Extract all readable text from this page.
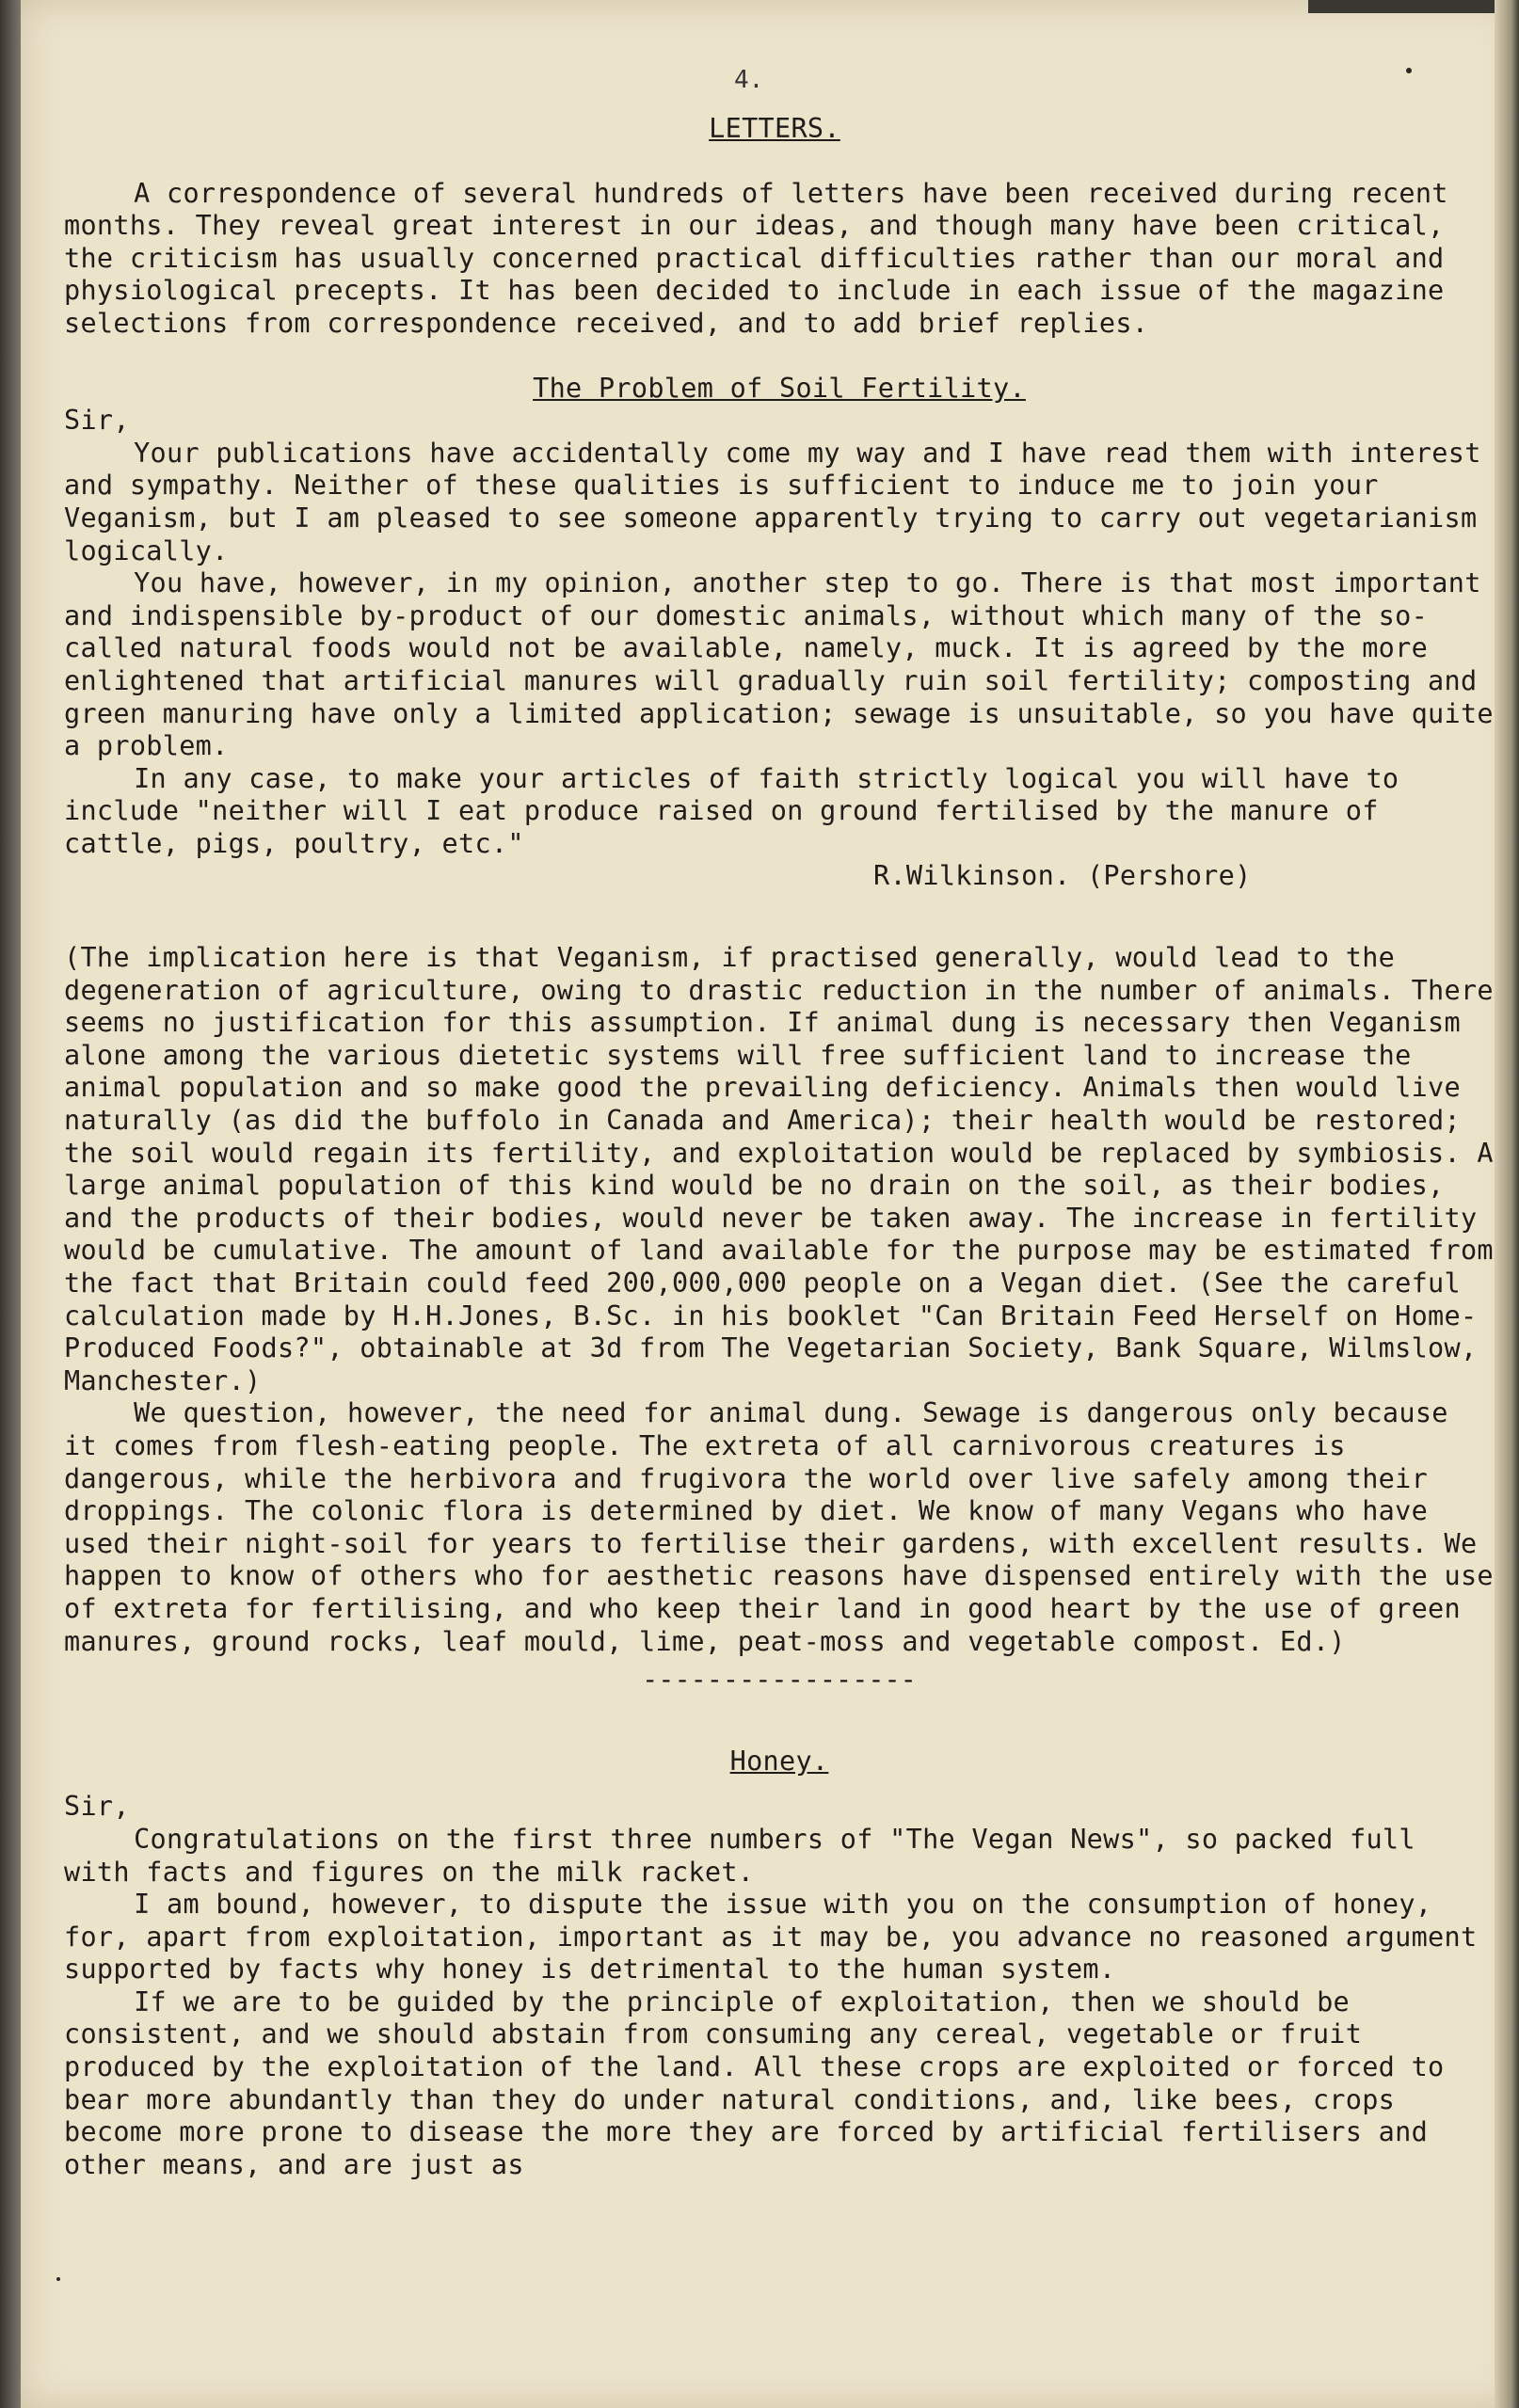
4.

LETTERS.

A correspondence of several hundreds of letters have been received during recent months. They reveal great interest in our ideas, and though many have been critical, the criticism has usually concerned practical difficulties rather than our moral and physiological precepts. It has been decided to include in each issue of the magazine selections from correspondence received, and to add brief replies.

The Problem of Soil Fertility.

Sir,

Your publications have accidentally come my way and I have read them with interest and sympathy. Neither of these qualities is sufficient to induce me to join your Veganism, but I am pleased to see someone apparently trying to carry out vegetarianism logically.

You have, however, in my opinion, another step to go. There is that most important and indispensible by-product of our domestic animals, without which many of the so-called natural foods would not be available, namely, muck. It is agreed by the more enlightened that artificial manures will gradually ruin soil fertility; composting and green manuring have only a limited application; sewage is unsuitable, so you have quite a problem.

In any case, to make your articles of faith strictly logical you will have to include "neither will I eat produce raised on ground fertilised by the manure of cattle, pigs, poultry, etc."

R.Wilkinson. (Pershore)

(The implication here is that Veganism, if practised generally, would lead to the degeneration of agriculture, owing to drastic reduction in the number of animals. There seems no justification for this assumption. If animal dung is necessary then Veganism alone among the various dietetic systems will free sufficient land to increase the animal population and so make good the prevailing deficiency. Animals then would live naturally (as did the buffolo in Canada and America); their health would be restored; the soil would regain its fertility, and exploitation would be replaced by symbiosis. A large animal population of this kind would be no drain on the soil, as their bodies, and the products of their bodies, would never be taken away. The increase in fertility would be cumulative. The amount of land available for the purpose may be estimated from the fact that Britain could feed 200,000,000 people on a Vegan diet. (See the careful calculation made by H.H.Jones, B.Sc. in his booklet "Can Britain Feed Herself on Home-Produced Foods?", obtainable at 3d from The Vegetarian Society, Bank Square, Wilmslow, Manchester.)

We question, however, the need for animal dung. Sewage is dangerous only because it comes from flesh-eating people. The extreta of all carnivorous creatures is dangerous, while the herbivora and frugivora the world over live safely among their droppings. The colonic flora is determined by diet. We know of many Vegans who have used their night-soil for years to fertilise their gardens, with excellent results. We happen to know of others who for aesthetic reasons have dispensed entirely with the use of extreta for fertilising, and who keep their land in good heart by the use of green manures, ground rocks, leaf mould, lime, peat-moss and vegetable compost. Ed.)

-----------------

Honey.

Sir,

Congratulations on the first three numbers of "The Vegan News", so packed full with facts and figures on the milk racket.

I am bound, however, to dispute the issue with you on the consumption of honey, for, apart from exploitation, important as it may be, you advance no reasoned argument supported by facts why honey is detrimental to the human system.

If we are to be guided by the principle of exploitation, then we should be consistent, and we should abstain from consuming any cereal, vegetable or fruit produced by the exploitation of the land. All these crops are exploited or forced to bear more abundantly than they do under natural conditions, and, like bees, crops become more prone to disease the more they are forced by artificial fertilisers and other means, and are just as
